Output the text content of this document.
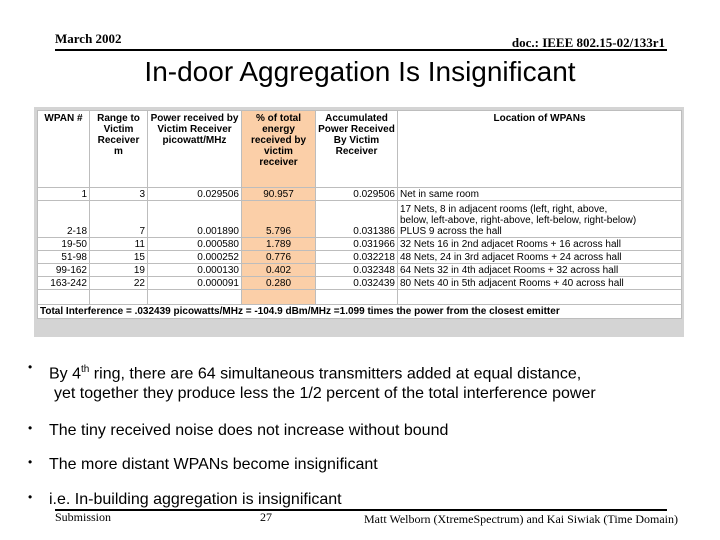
March 2002	doc.: IEEE 802.15-02/133r1
In-door Aggregation Is Insignificant
WPAN #	Range to Victim Receiver m	Power received by Victim Receiver picowatt/MHz	% of total energy received by victim receiver	Accumulated Power Received By Victim Receiver	Location of WPANs
1	3	0.029506	90.957	0.029506	Net in same room
2-18	7	0.001890	5.796	0.031386	17 Nets, 8 in adjacent rooms (left, right, above,
below, left-above, right-above, left-below, right-below)
PLUS 9 across the hall

19-50	11	0.000580	1.789	0.031966	32 Nets 16 in 2nd adjacet Rooms + 16 across hall
51-98	15	0.000252	0.776	0.032218	48 Nets, 24 in 3rd adjacet Rooms + 24 across hall
99-162	19	0.000130	0.402	0.032348	64 Nets 32 in 4th adjacet Rooms + 32 across hall
163-242	22	0.000091	0.280	0.032439	80 Nets 40 in 5th adjacent Rooms + 40 across hall

Total Interference = .032439 picowatts/MHz = -104.9 dBm/MHz =1.099 times the power from the closest emitter					
• By 4th ring, there are 64 simultaneous transmitters added at equal distance,
yet together they produce less the 1/2 percent of the total interference power
• The tiny received noise does not increase without bound
• The more distant WPANs become insignificant
• i.e. In-building aggregation is insignificant
Submission	27	Matt Welborn (XtremeSpectrum) and Kai Siwiak (Time Domain)
